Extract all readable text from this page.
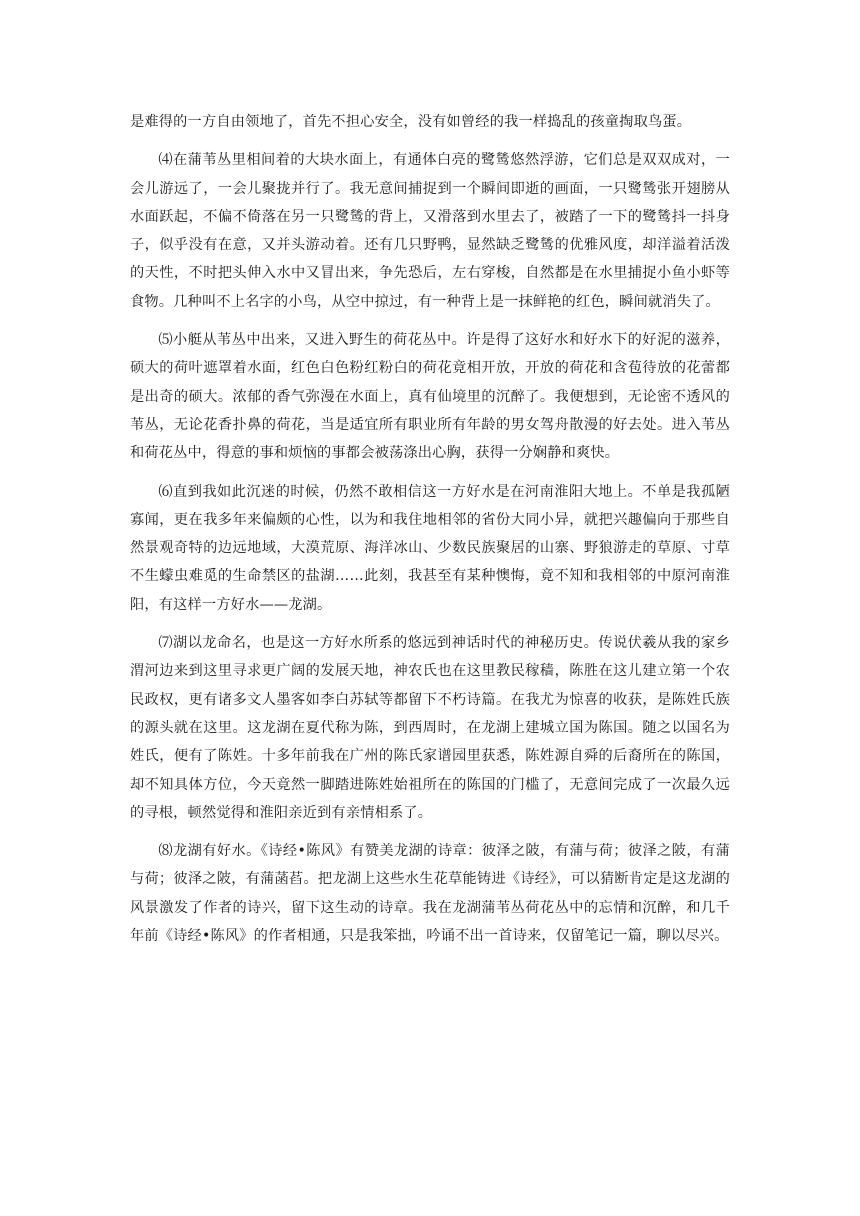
是难得的一方自由领地了，首先不担心安全，没有如曾经的我一样捣乱的孩童掏取鸟蛋。

⑷在蒲苇丛里相间着的大块水面上，有通体白亮的鹭鸶悠然浮游，它们总是双双成对，一会儿游远了，一会儿聚拢并行了。我无意间捕捉到一个瞬间即逝的画面，一只鹭鸶张开翅膀从水面跃起，不偏不倚落在另一只鹭鸶的背上，又滑落到水里去了，被踏了一下的鹭鸶抖一抖身子，似乎没有在意，又并头游动着。还有几只野鸭，显然缺乏鹭鸶的优雅风度，却洋溢着活泼的天性，不时把头伸入水中又冒出来，争先恐后，左右穿梭，自然都是在水里捕捉小鱼小虾等食物。几种叫不上名字的小鸟，从空中掠过，有一种背上是一抹鲜艳的红色，瞬间就消失了。

⑸小艇从苇丛中出来，又进入野生的荷花丛中。许是得了这好水和好水下的好泥的滋养，硕大的荷叶遮罩着水面，红色白色粉红粉白的荷花竟相开放，开放的荷花和含苞待放的花蕾都是出奇的硕大。浓郁的香气弥漫在水面上，真有仙境里的沉醉了。我便想到，无论密不透风的苇丛，无论花香扑鼻的荷花，当是适宜所有职业所有年龄的男女驾舟散漫的好去处。进入苇丛和荷花丛中，得意的事和烦恼的事都会被荡涤出心胸，获得一分娴静和爽快。

⑹直到我如此沉迷的时候，仍然不敢相信这一方好水是在河南淮阳大地上。不单是我孤陋寡闻，更在我多年来偏颇的心性，以为和我住地相邻的省份大同小异，就把兴趣偏向于那些自然景观奇特的边远地域，大漠荒原、海洋冰山、少数民族聚居的山寨、野狼游走的草原、寸草不生蠓虫难觅的生命禁区的盐湖……此刻，我甚至有某种懊悔，竟不知和我相邻的中原河南淮阳，有这样一方好水——龙湖。

⑺湖以龙命名，也是这一方好水所系的悠远到神话时代的神秘历史。传说伏羲从我的家乡渭河边来到这里寻求更广阔的发展天地，神农氏也在这里教民稼穑，陈胜在这儿建立第一个农民政权，更有诸多文人墨客如李白苏轼等都留下不朽诗篇。在我尤为惊喜的收获，是陈姓氏族的源头就在这里。这龙湖在夏代称为陈，到西周时，在龙湖上建城立国为陈国。随之以国名为姓氏，便有了陈姓。十多年前我在广州的陈氏家谱园里获悉，陈姓源自舜的后裔所在的陈国，却不知具体方位，今天竟然一脚踏进陈姓始祖所在的陈国的门槛了，无意间完成了一次最久远的寻根，顿然觉得和淮阳亲近到有亲情相系了。

⑻龙湖有好水。《诗经•陈风》有赞美龙湖的诗章：彼泽之陂，有蒲与荷；彼泽之陂，有蒲与荷；彼泽之陂，有蒲菡萏。把龙湖上这些水生花草能铸进《诗经》，可以猜断肯定是这龙湖的风景激发了作者的诗兴，留下这生动的诗章。我在龙湖蒲苇丛荷花丛中的忘情和沉醉，和几千年前《诗经•陈风》的作者相通，只是我笨拙，吟诵不出一首诗来，仅留笔记一篇，聊以尽兴。
